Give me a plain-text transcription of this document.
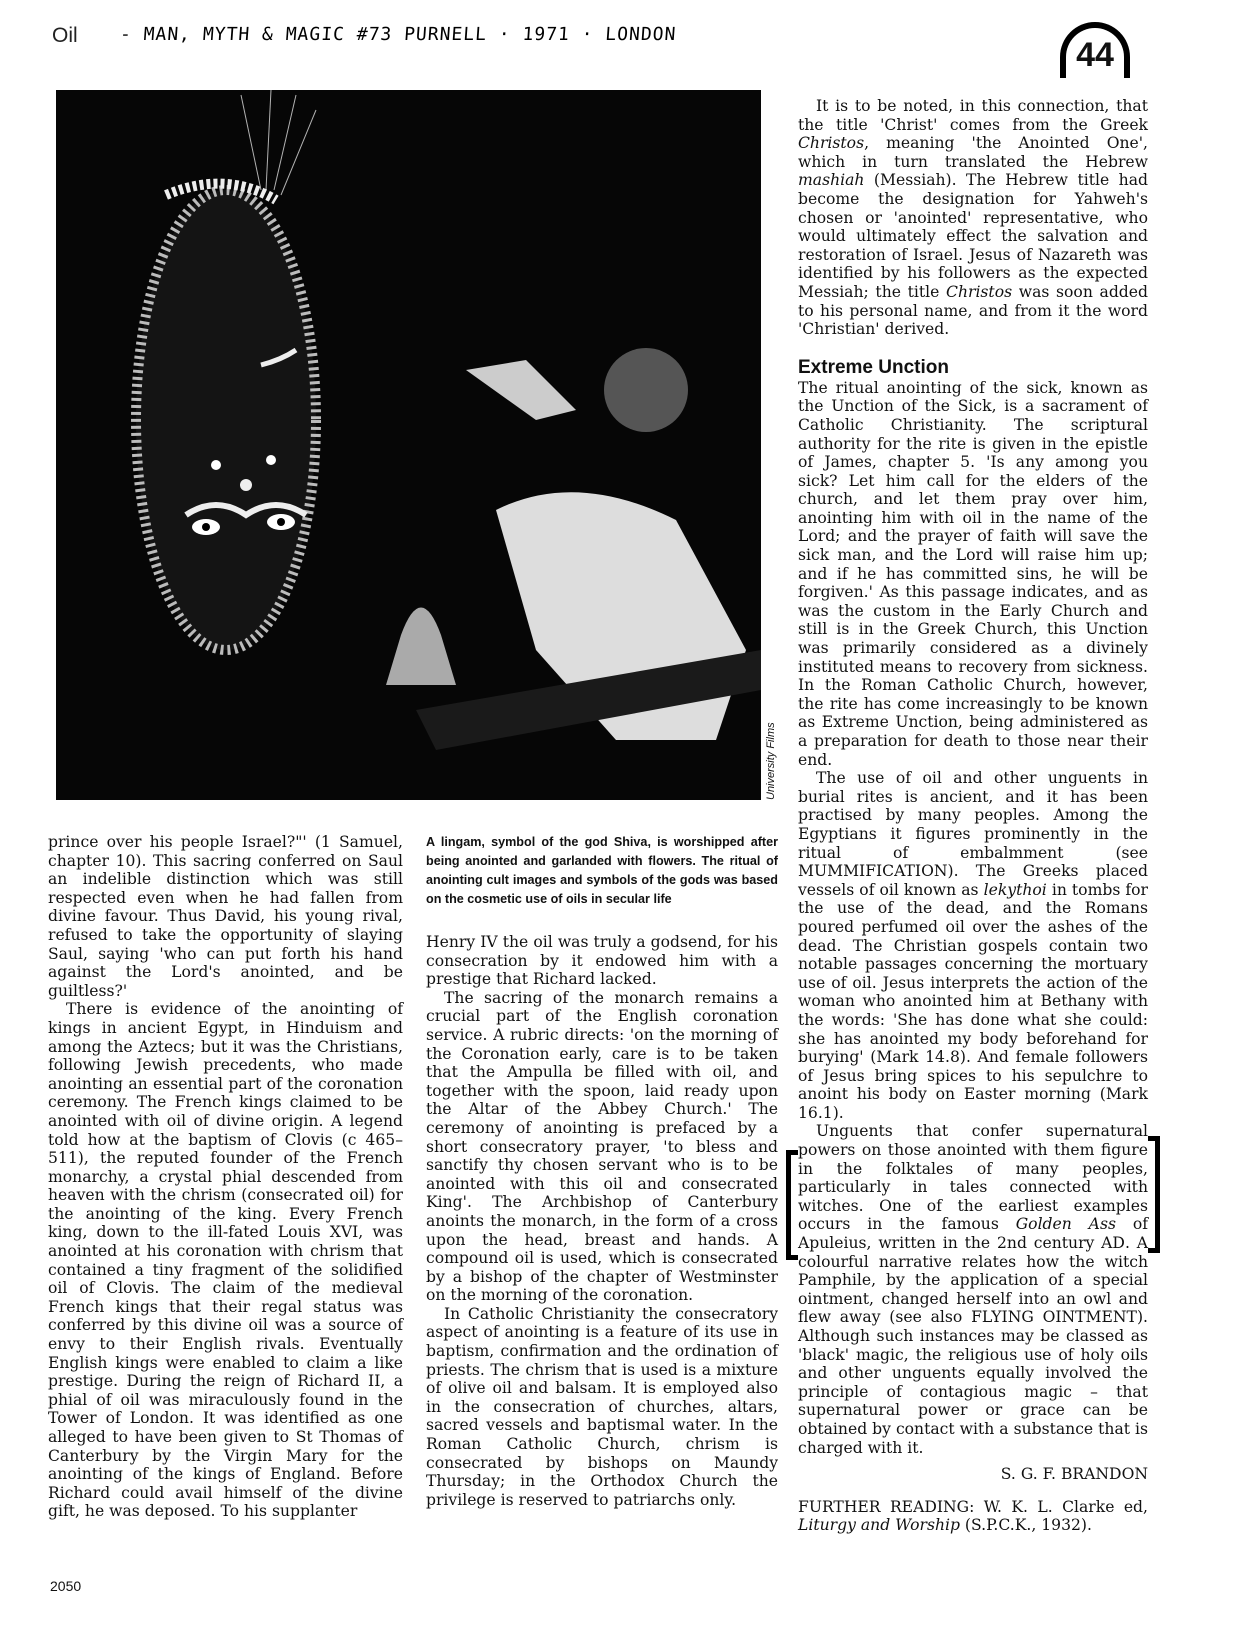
Oil - MAN, MYTH & MAGIC #73 PURNELL · 1971 · LONDON
44
University Films

prince over his people Israel?"' (1 Samuel, chapter 10). This sacring conferred on Saul an indelible distinction which was still respected even when he had fallen from divine favour. Thus David, his young rival, refused to take the opportunity of slaying Saul, saying 'who can put forth his hand against the Lord's anointed, and be guiltless?'

There is evidence of the anointing of kings in ancient Egypt, in Hinduism and among the Aztecs; but it was the Christians, following Jewish precedents, who made anointing an essential part of the coronation ceremony. The French kings claimed to be anointed with oil of divine origin. A legend told how at the baptism of Clovis (c 465–511), the reputed founder of the French monarchy, a crystal phial descended from heaven with the chrism (consecrated oil) for the anointing of the king. Every French king, down to the ill-fated Louis XVI, was anointed at his coronation with chrism that contained a tiny fragment of the solidified oil of Clovis. The claim of the medieval French kings that their regal status was conferred by this divine oil was a source of envy to their English rivals. Eventually English kings were enabled to claim a like prestige. During the reign of Richard II, a phial of oil was miraculously found in the Tower of London. It was identified as one alleged to have been given to St Thomas of Canterbury by the Virgin Mary for the anointing of the kings of England. Before Richard could avail himself of the divine gift, he was deposed. To his supplanter

A lingam, symbol of the god Shiva, is worshipped after being anointed and garlanded with flowers. The ritual of anointing cult images and symbols of the gods was based on the cosmetic use of oils in secular life

Henry IV the oil was truly a godsend, for his consecration by it endowed him with a prestige that Richard lacked.

The sacring of the monarch remains a crucial part of the English coronation service. A rubric directs: 'on the morning of the Coronation early, care is to be taken that the Ampulla be filled with oil, and together with the spoon, laid ready upon the Altar of the Abbey Church.' The ceremony of anointing is prefaced by a short consecratory prayer, 'to bless and sanctify thy chosen servant who is to be anointed with this oil and consecrated King'. The Archbishop of Canterbury anoints the monarch, in the form of a cross upon the head, breast and hands. A compound oil is used, which is consecrated by a bishop of the chapter of Westminster on the morning of the coronation.

In Catholic Christianity the consecratory aspect of anointing is a feature of its use in baptism, confirmation and the ordination of priests. The chrism that is used is a mixture of olive oil and balsam. It is employed also in the consecration of churches, altars, sacred vessels and baptismal water. In the Roman Catholic Church, chrism is consecrated by bishops on Maundy Thursday; in the Orthodox Church the privilege is reserved to patriarchs only.

It is to be noted, in this connection, that the title 'Christ' comes from the Greek Christos, meaning 'the Anointed One', which in turn translated the Hebrew mashiah (Messiah). The Hebrew title had become the designation for Yahweh's chosen or 'anointed' representative, who would ultimately effect the salvation and restoration of Israel. Jesus of Nazareth was identified by his followers as the expected Messiah; the title Christos was soon added to his personal name, and from it the word 'Christian' derived.

Extreme Unction

The ritual anointing of the sick, known as the Unction of the Sick, is a sacrament of Catholic Christianity. The scriptural authority for the rite is given in the epistle of James, chapter 5. 'Is any among you sick? Let him call for the elders of the church, and let them pray over him, anointing him with oil in the name of the Lord; and the prayer of faith will save the sick man, and the Lord will raise him up; and if he has committed sins, he will be forgiven.' As this passage indicates, and as was the custom in the Early Church and still is in the Greek Church, this Unction was primarily considered as a divinely instituted means to recovery from sickness. In the Roman Catholic Church, however, the rite has come increasingly to be known as Extreme Unction, being administered as a preparation for death to those near their end.

The use of oil and other unguents in burial rites is ancient, and it has been practised by many peoples. Among the Egyptians it figures prominently in the ritual of embalmment (see MUMMIFICATION). The Greeks placed vessels of oil known as lekythoi in tombs for the use of the dead, and the Romans poured perfumed oil over the ashes of the dead. The Christian gospels contain two notable passages concerning the mortuary use of oil. Jesus interprets the action of the woman who anointed him at Bethany with the words: 'She has done what she could: she has anointed my body beforehand for burying' (Mark 14.8). And female followers of Jesus bring spices to his sepulchre to anoint his body on Easter morning (Mark 16.1).

Unguents that confer supernatural powers on those anointed with them figure in the folktales of many peoples, particularly in tales connected with witches. One of the earliest examples occurs in the famous Golden Ass of Apuleius, written in the 2nd century AD. A colourful narrative relates how the witch Pamphile, by the application of a special ointment, changed herself into an owl and flew away (see also FLYING OINTMENT). Although such instances may be classed as 'black' magic, the religious use of holy oils and other unguents equally involved the principle of contagious magic – that supernatural power or grace can be obtained by contact with a substance that is charged with it.

S. G. F. BRANDON

FURTHER READING: W. K. L. Clarke ed, Liturgy and Worship (S.P.C.K., 1932).

2050
